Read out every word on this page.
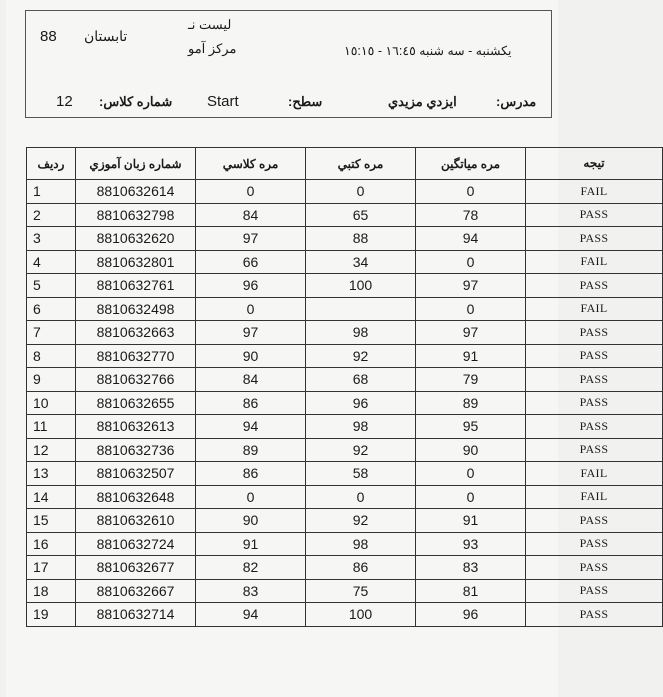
88 تابستان
ليست نـ
مرکز آمو	يكشنبه - سه شنبه ١٦:٤٥ - ١٥:١٥
12 شماره كلاس: Start	سطح:	ايزدي مزيدي	مدرس:
رديف	شماره زبان آموزي	مره كلاسي	مره كتبي	مره مياتگين	تيجه
1	8810632614	0	0	0	FAIL
2	8810632798	84	65	78	PASS
3	8810632620	97	88	94	PASS
4	8810632801	66	34	0	FAIL
5	8810632761	96	100	97	PASS
6	8810632498	0		0	FAIL
7	8810632663	97	98	97	PASS
8	8810632770	90	92	91	PASS
9	8810632766	84	68	79	PASS
10	8810632655	86	96	89	PASS
11	8810632613	94	98	95	PASS
12	8810632736	89	92	90	PASS
13	8810632507	86	58	0	FAIL
14	8810632648	0	0	0	FAIL
15	8810632610	90	92	91	PASS
16	8810632724	91	98	93	PASS
17	8810632677	82	86	83	PASS
18	8810632667	83	75	81	PASS
19	8810632714	94	100	96	PASS
